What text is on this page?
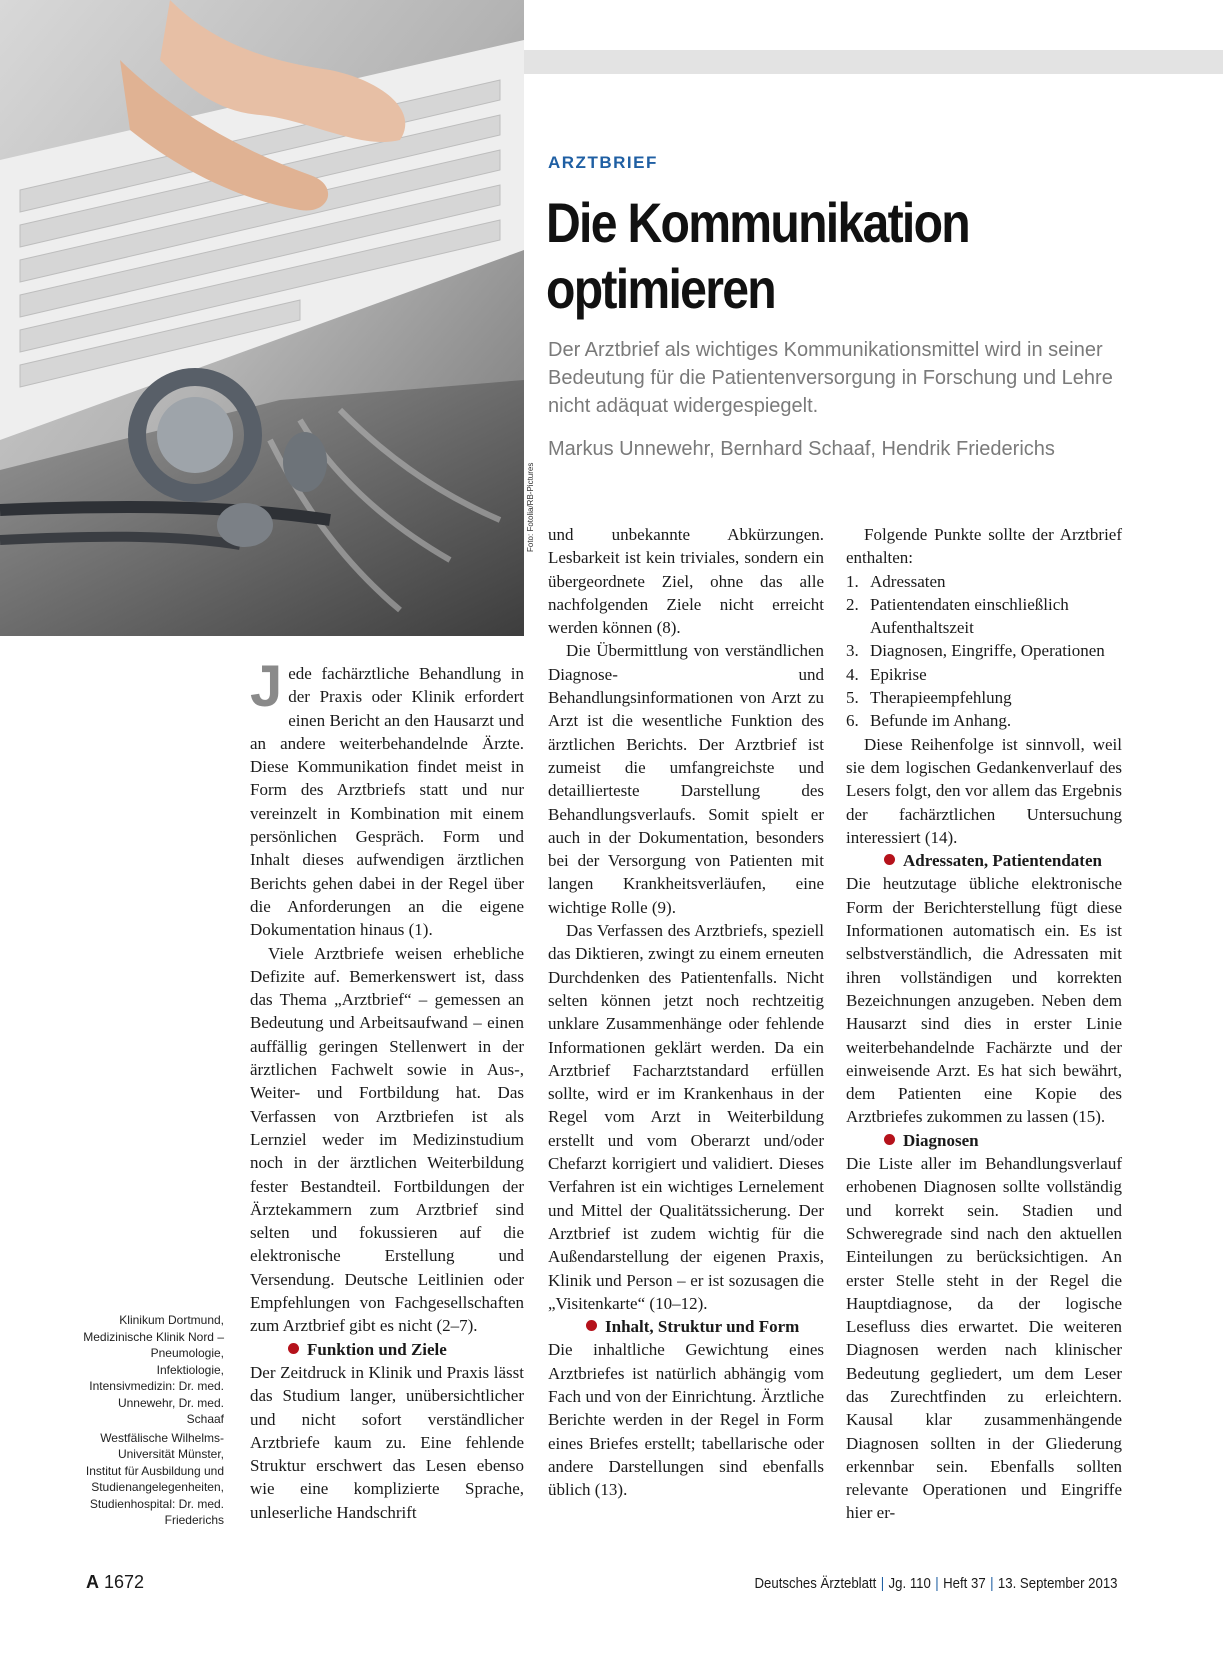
Foto: Fotolia/RB-Pictures
ARZTBRIEF
Die Kommunikation
optimieren
Der Arztbrief als wichtiges Kommunikationsmittel wird in seiner Bedeutung für die Patientenversorgung in Forschung und Lehre nicht adäquat widergespiegelt.
Markus Unnewehr, Bernhard Schaaf, Hendrik Friederichs

Jede fachärztliche Behandlung in der Praxis oder Klinik erfordert einen Bericht an den Hausarzt und an andere weiterbehandelnde Ärzte. Diese Kommunikation findet meist in Form des Arztbriefs statt und nur vereinzelt in Kombination mit einem persönlichen Gespräch. Form und Inhalt dieses aufwendigen ärztlichen Berichts gehen dabei in der Regel über die Anforderungen an die eigene Dokumentation hinaus (1).

Viele Arztbriefe weisen erhebliche Defizite auf. Bemerkenswert ist, dass das Thema „Arztbrief“ – gemessen an Bedeutung und Arbeitsaufwand – einen auffällig geringen Stellenwert in der ärztlichen Fachwelt sowie in Aus-, Weiter- und Fortbildung hat. Das Verfassen von Arztbriefen ist als Lernziel weder im Medizinstudium noch in der ärztlichen Weiterbildung fester Bestandteil. Fortbildungen der Ärztekammern zum Arztbrief sind selten und fokussieren auf die elektronische Erstellung und Versendung. Deutsche Leitlinien oder Empfehlungen von Fachgesellschaften zum Arztbrief gibt es nicht (2–7).

Funktion und Ziele

Der Zeitdruck in Klinik und Praxis lässt das Studium langer, unübersichtlicher und nicht sofort verständlicher Arztbriefe kaum zu. Eine fehlende Struktur erschwert das Lesen ebenso wie eine komplizierte Sprache, unleserliche Handschrift

und unbekannte Abkürzungen. Lesbarkeit ist kein triviales, sondern ein übergeordnete Ziel, ohne das alle nachfolgenden Ziele nicht erreicht werden können (8).

Die Übermittlung von verständlichen Diagnose- und Behandlungsinformationen von Arzt zu Arzt ist die wesentliche Funktion des ärztlichen Berichts. Der Arztbrief ist zumeist die umfangreichste und detaillierteste Darstellung des Behandlungsverlaufs. Somit spielt er auch in der Dokumentation, besonders bei der Versorgung von Patienten mit langen Krankheitsverläufen, eine wichtige Rolle (9).

Das Verfassen des Arztbriefs, speziell das Diktieren, zwingt zu einem erneuten Durchdenken des Patientenfalls. Nicht selten können jetzt noch rechtzeitig unklare Zusammenhänge oder fehlende Informationen geklärt werden. Da ein Arztbrief Facharztstandard erfüllen sollte, wird er im Krankenhaus in der Regel vom Arzt in Weiterbildung erstellt und vom Oberarzt und/oder Chefarzt korrigiert und validiert. Dieses Verfahren ist ein wichtiges Lernelement und Mittel der Qualitätssicherung. Der Arztbrief ist zudem wichtig für die Außendarstellung der eigenen Praxis, Klinik und Person – er ist sozusagen die „Visitenkarte“ (10–12).

Inhalt, Struktur und Form

Die inhaltliche Gewichtung eines Arztbriefes ist natürlich abhängig vom Fach und von der Einrichtung. Ärztliche Berichte werden in der Regel in Form eines Briefes erstellt; tabellarische oder andere Darstellungen sind ebenfalls üblich (13).

Folgende Punkte sollte der Arztbrief enthalten:

1. Adressaten
2. Patientendaten einschließlich Aufenthaltszeit
3. Diagnosen, Eingriffe, Operationen
4. Epikrise
5. Therapieempfehlung
6. Befunde im Anhang.

Diese Reihenfolge ist sinnvoll, weil sie dem logischen Gedankenverlauf des Lesers folgt, den vor allem das Ergebnis der fachärztlichen Untersuchung interessiert (14).

Adressaten, Patientendaten

Die heutzutage übliche elektronische Form der Berichterstellung fügt diese Informationen automatisch ein. Es ist selbstverständlich, die Adressaten mit ihren vollständigen und korrekten Bezeichnungen anzugeben. Neben dem Hausarzt sind dies in erster Linie weiterbehandelnde Fachärzte und der einweisende Arzt. Es hat sich bewährt, dem Patienten eine Kopie des Arztbriefes zukommen zu lassen (15).

Diagnosen

Die Liste aller im Behandlungsverlauf erhobenen Diagnosen sollte vollständig und korrekt sein. Stadien und Schweregrade sind nach den aktuellen Einteilungen zu berücksichtigen. An erster Stelle steht in der Regel die Hauptdiagnose, da der logische Lesefluss dies erwartet. Die weiteren Diagnosen werden nach klinischer Bedeutung gegliedert, um dem Leser das Zurechtfinden zu erleichtern. Kausal klar zusammenhängende Diagnosen sollten in der Gliederung erkennbar sein. Ebenfalls sollten relevante Operationen und Eingriffe hier er-

Klinikum Dortmund, Medizinische Klinik Nord – Pneumologie, Infektiologie, Intensivmedizin: Dr. med. Unnewehr, Dr. med. Schaaf

Westfälische Wilhelms-Universität Münster, Institut für Ausbildung und Studienangelegenheiten, Studienhospital: Dr. med. Friederichs

A 1672	Deutsches Ärzteblatt | Jg. 110 | Heft 37 | 13. September 2013
